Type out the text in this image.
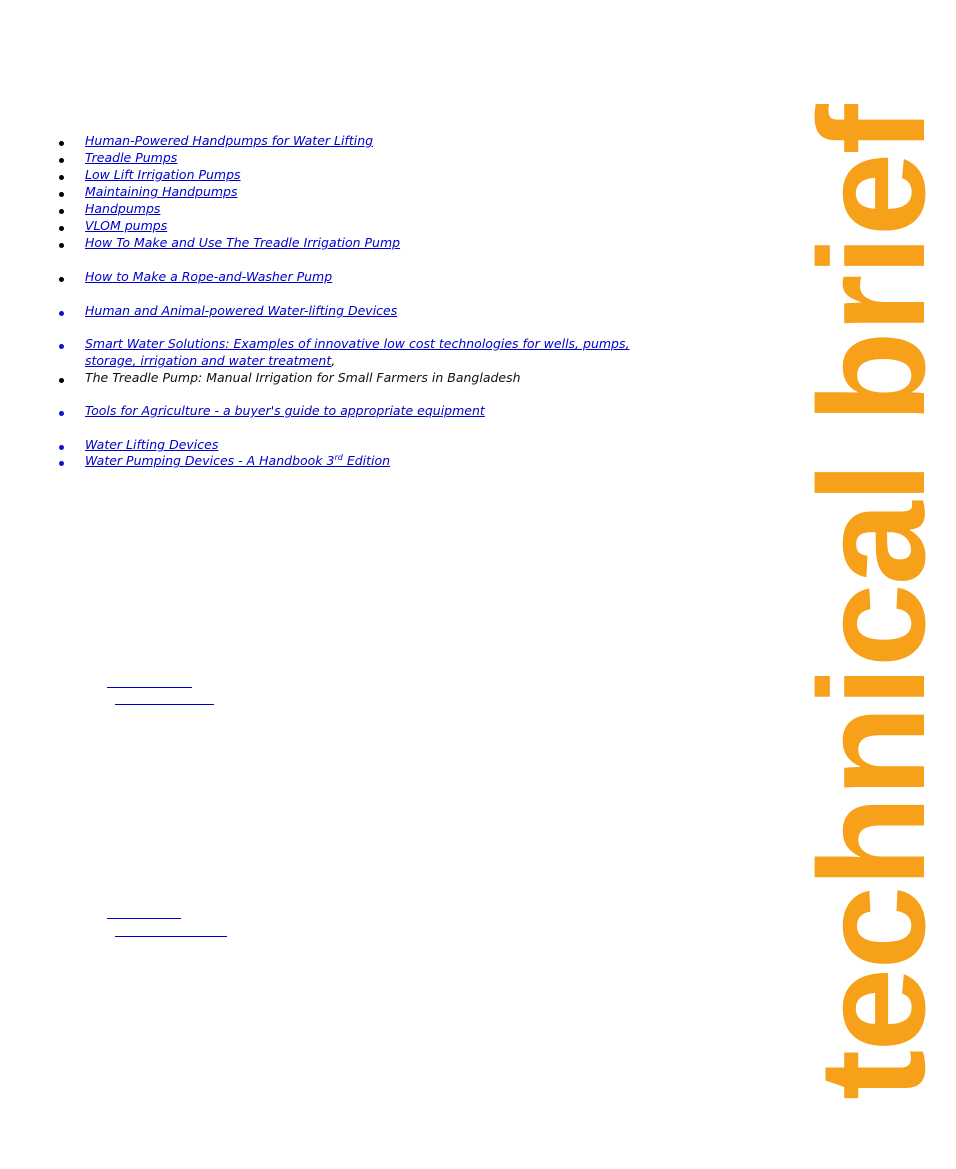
Human-Powered Handpumps for Water Lifting
Treadle Pumps
Low Lift Irrigation Pumps
Maintaining Handpumps
Handpumps
VLOM pumps
How To Make and Use The Treadle Irrigation Pump
How to Make a Rope-and-Washer Pump
Human and Animal-powered Water-lifting Devices
Smart Water Solutions: Examples of innovative low cost technologies for wells, pumps,
storage, irrigation and water treatment,
The Treadle Pump: Manual Irrigation for Small Farmers in Bangladesh
Tools for Agriculture - a buyer's guide to appropriate equipment
Water Lifting Devices
Water Pumping Devices - A Handbook 3rd Edition	technical brief
